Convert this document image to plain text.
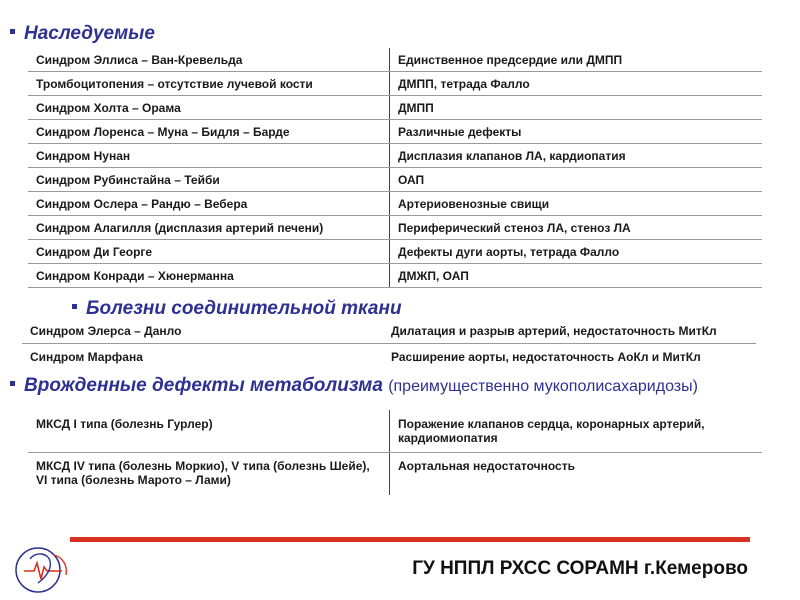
Наследуемые
Синдром Эллиса – Ван-Кревельда	Единственное предсердие или ДМПП
Тромбоцитопения – отсутствие лучевой кости	ДМПП, тетрада Фалло
Синдром Холта – Орама	ДМПП
Синдром Лоренса – Муна – Бидля – Барде	Различные дефекты
Синдром Нунан	Дисплазия клапанов ЛА, кардиопатия
Синдром Рубинстайна – Тейби	ОАП
Синдром Ослера – Рандю – Вебера	Артериовенозные свищи
Синдром Алагилля (дисплазия артерий печени)	Периферический стеноз ЛА, стеноз ЛА
Синдром Ди Георге	Дефекты дуги аорты, тетрада Фалло
Синдром Конради – Хюнерманна	ДМЖП, ОАП
Болезни соединительной ткани
Синдром Элерса – Данло	Дилатация и разрыв артерий, недостаточность МитКл
Синдром Марфана	Расширение аорты, недостаточность АоКл и МитКл
Врожденные дефекты метаболизма (преимущественно мукополисахаридозы)
МКСД I типа (болезнь Гурлер)	Поражение клапанов сердца, коронарных артерий, кардиомиопатия
МКСД IV типа (болезнь Моркио), V типа (болезнь Шейе), VI типа (болезнь Марото – Лами)	Аортальная недостаточность
ГУ НППЛ РХСС СОРАМН г.Кемерово
